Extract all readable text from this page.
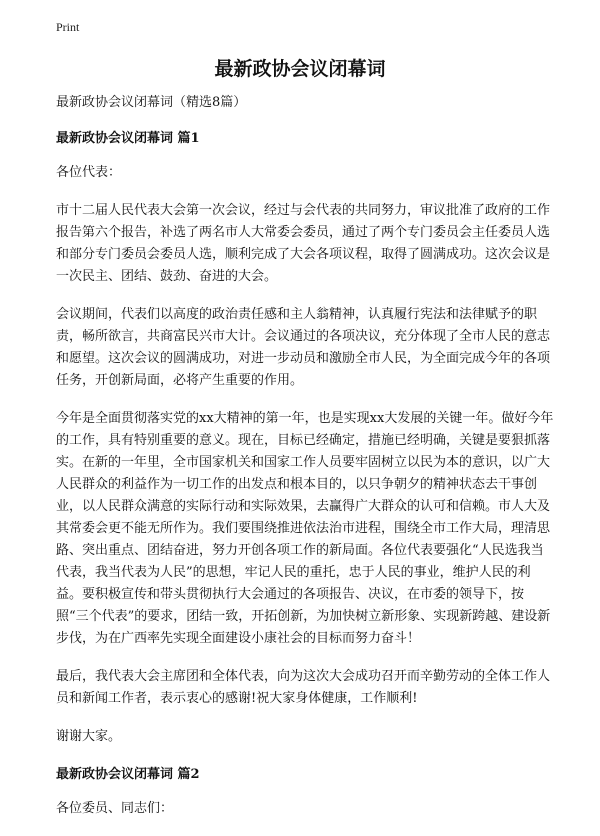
Print
最新政协会议闭幕词

最新政协会议闭幕词（精选8篇）

最新政协会议闭幕词 篇1

各位代表：

市十二届人民代表大会第一次会议，经过与会代表的共同努力，审议批准了政府的工作报告第六个报告，补选了两名市人大常委会委员，通过了两个专门委员会主任委员人选和部分专门委员会委员人选，顺利完成了大会各项议程，取得了圆满成功。这次会议是一次民主、团结、鼓劲、奋进的大会。

会议期间，代表们以高度的政治责任感和主人翁精神，认真履行宪法和法律赋予的职责，畅所欲言，共商富民兴市大计。会议通过的各项决议，充分体现了全市人民的意志和愿望。这次会议的圆满成功，对进一步动员和激励全市人民，为全面完成今年的各项任务，开创新局面，必将产生重要的作用。

今年是全面贯彻落实党的xx大精神的第一年，也是实现xx大发展的关键一年。做好今年的工作，具有特别重要的意义。现在，目标已经确定，措施已经明确，关键是要狠抓落实。在新的一年里，全市国家机关和国家工作人员要牢固树立以民为本的意识，以广大人民群众的利益作为一切工作的出发点和根本目的，以只争朝夕的精神状态去干事创业，以人民群众满意的实际行动和实际效果，去赢得广大群众的认可和信赖。市人大及其常委会更不能无所作为。我们要围绕推进依法治市进程，围绕全市工作大局，理清思路、突出重点、团结奋进，努力开创各项工作的新局面。各位代表要强化“人民选我当代表，我当代表为人民”的思想，牢记人民的重托，忠于人民的事业，维护人民的利益。要积极宣传和带头贯彻执行大会通过的各项报告、决议，在市委的领导下，按照“三个代表”的要求，团结一致，开拓创新，为加快树立新形象、实现新跨越、建设新步伐，为在广西率先实现全面建设小康社会的目标而努力奋斗！

最后，我代表大会主席团和全体代表，向为这次大会成功召开而辛勤劳动的全体工作人员和新闻工作者，表示衷心的感谢!祝大家身体健康，工作顺利!

谢谢大家。

最新政协会议闭幕词 篇2

各位委员、同志们：
